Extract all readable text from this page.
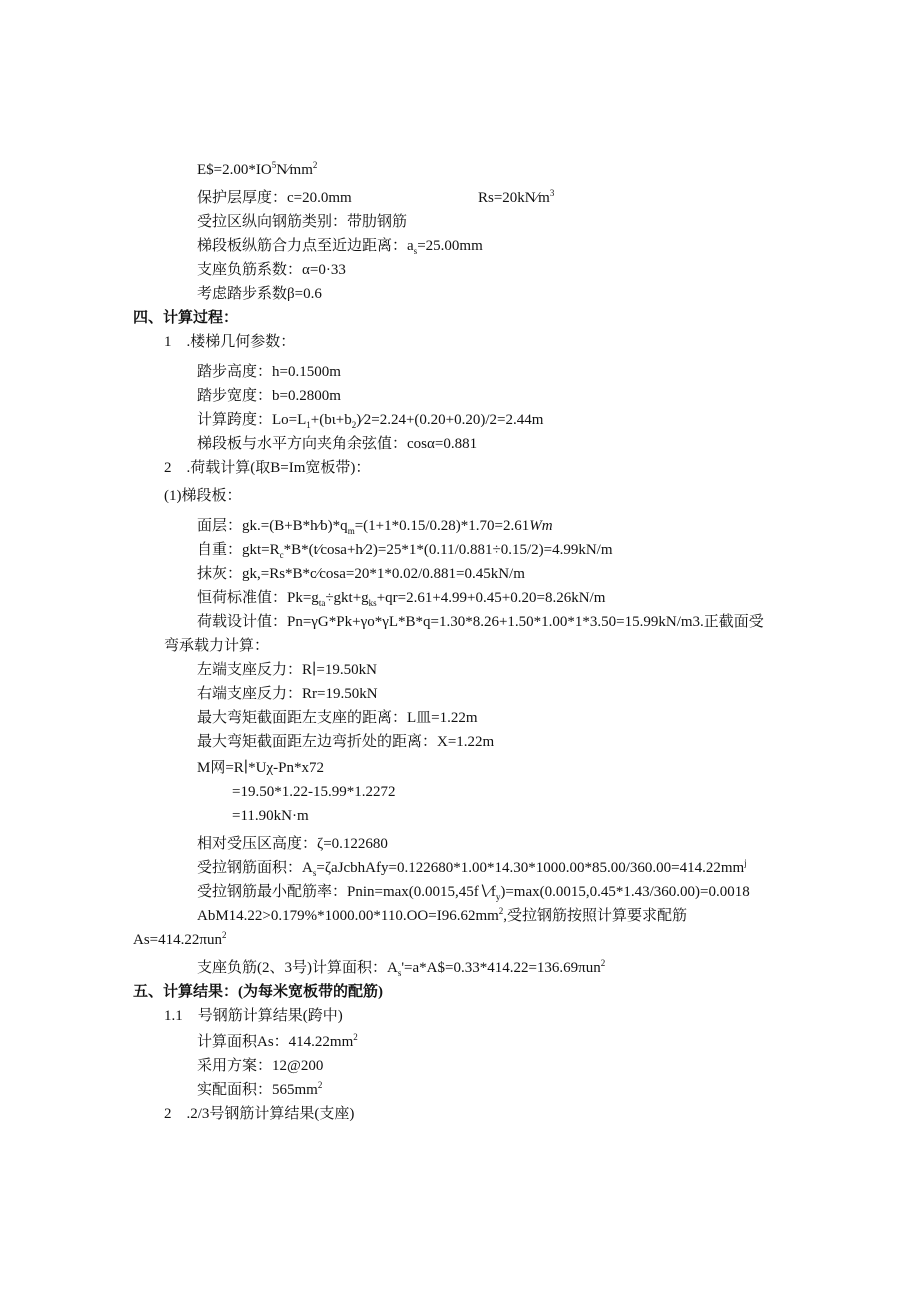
$E\$=2.00*IO^5N∕mm^2$
保护层厚度：c=20.0mm	$Rs=20kN∕m^3$
受拉区纵向钢筋类别：带肋钢筋
梯段板纵筋合力点至近边距离：$a_s=25.00mm$
支座负筋系数：α=0·33
考虑踏步系数β=0.6
四、计算过程：
1　.楼梯几何参数：
踏步高度：h=0.1500m
踏步宽度：b=0.2800m
计算跨度：$Lo=L_1+(b\iota+b_2)∕2=2.24+(0.20+0.20)/2=2.44m$
梯段板与水平方向夹角余弦值：cosα=0.881
2　.荷载计算(取B=Im宽板带)：
(1)梯段板：
面层：$gk.=(B+B*h∕b)*q_m=(1+1*0.15/0.28)*1.70=2.61Wm$
自重：$gkt=R_c*B*(t∕\cos a+h∕2)=25*1*(0.11/0.881\div 0.15/2)=4.99kN/m$
抹灰：gk,=Rs*B*c∕cosa=20*1*0.02/0.881=0.45kN/m
恒荷标准值：$Pk=g_{ta}\div gkt+g_{ks}+qr=2.61+4.99+0.45+0.20=8.26kN/m$
荷载设计值：Pn=γG*Pk+γo*γL*B*q=1.30*8.26+1.50*1.00*1*3.50=15.99kN/m3.正截面受
弯承载力计算：
左端支座反力：R∣=19.50kN
右端支座反力：Rr=19.50kN
最大弯矩截面距左支座的距离：L皿=1.22m
最大弯矩截面距左边弯折处的距离：X=1.22m
M网=R∣*Uχ-Pn*x72
=19.50*1.22-15.99*1.2272
=11.90kN·m
相对受压区高度：ζ=0.122680
受拉钢筋面积：$A_s=\zeta aJcbhAfy=0.122680*1.00*14.30*1000.00*85.00/360.00=414.22mm^j$
受拉钢筋最小配筋率：$Pnin=\max(0.0015,45f∖∕f_y)=\max(0.0015,0.45*1.43/360.00)=0.0018$
$AbM14.22>0.179\%*1000.00*110.OO=I96.62mm^2$,受拉钢筋按照计算要求配筋
As=414.22πun$^2$
支座负筋(2、3号)计算面积：$A_s'=a*A\$=0.33*414.22=136.69\pi un^2$
五、计算结果：(为每米宽板带的配筋)
1.1　号钢筋计算结果(跨中)
计算面积As：$414.22mm^2$
采用方案：12@200
实配面积：$565mm^2$
2　.2/3号钢筋计算结果(支座)
